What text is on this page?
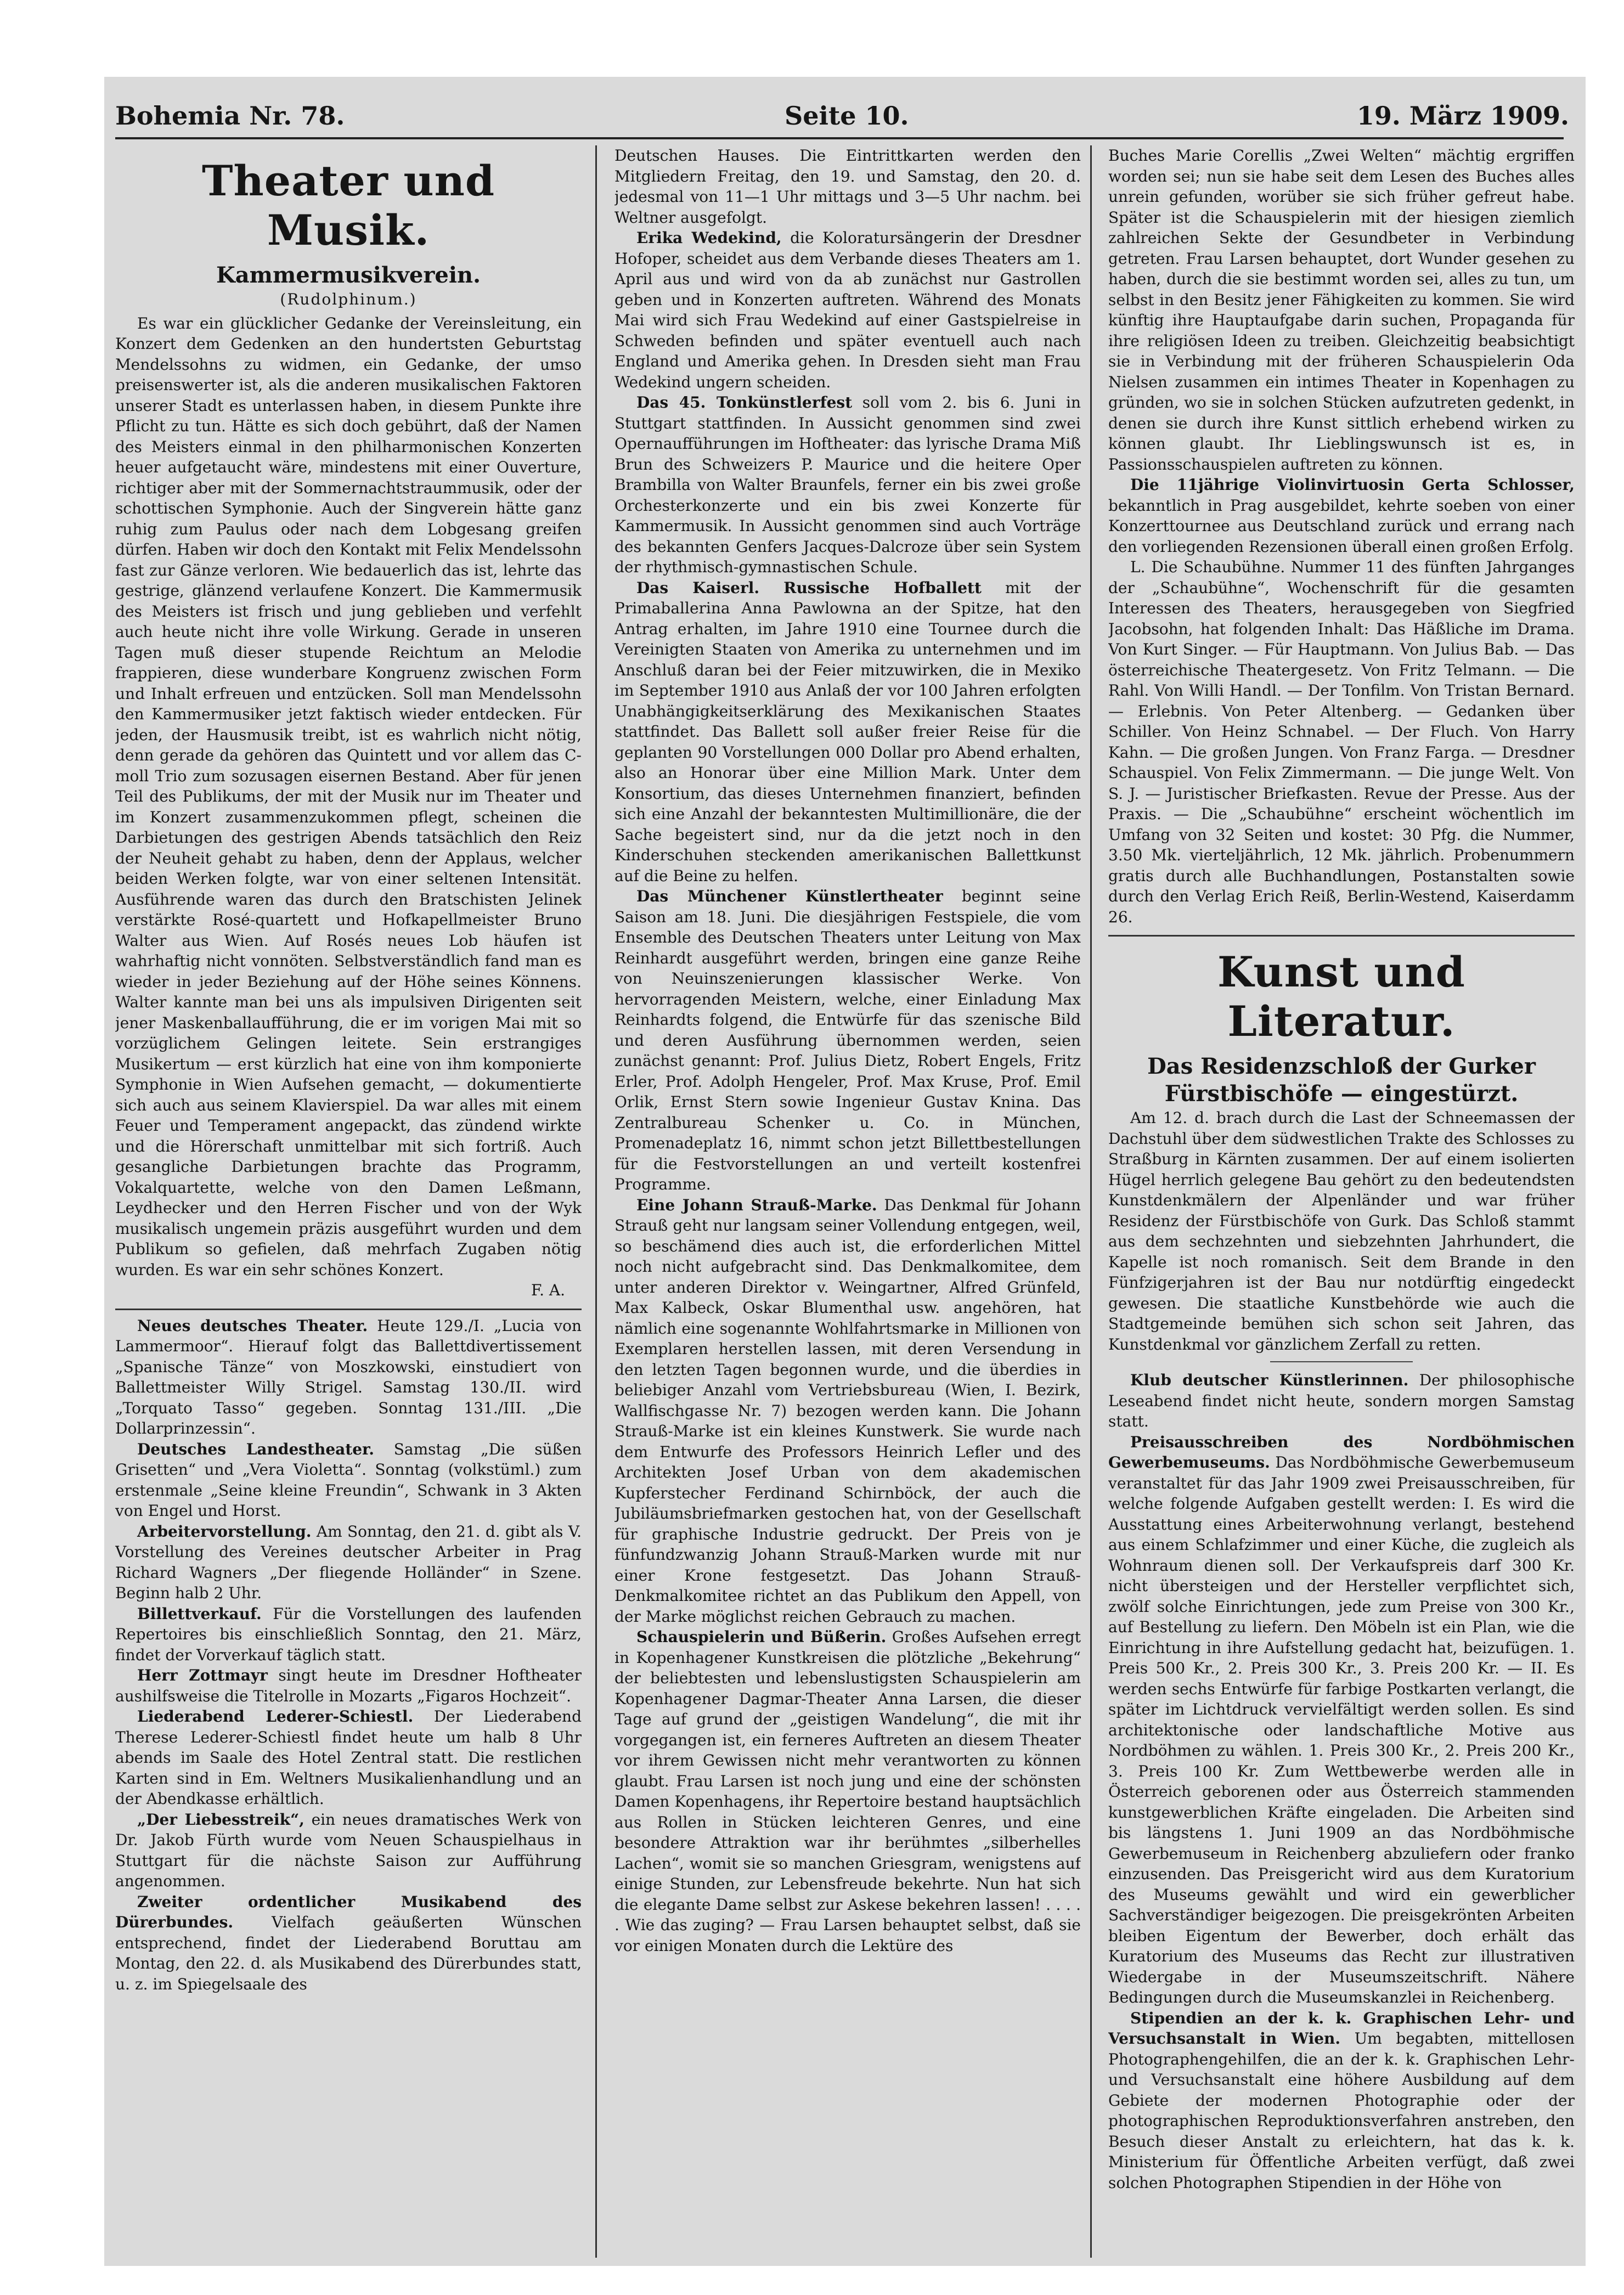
Bohemia Nr. 78.	Seite 10.	19. März 1909.
Theater und Musik.
Kammermusikverein.
(Rudolphinum.)

Es war ein glücklicher Gedanke der Vereinsleitung, ein Konzert dem Gedenken an den hundertsten Geburtstag Mendelssohns zu widmen, ein Gedanke, der umso preisenswerter ist, als die anderen musikalischen Faktoren unserer Stadt es unterlassen haben, in diesem Punkte ihre Pflicht zu tun. Hätte es sich doch gebührt, daß der Namen des Meisters einmal in den philharmonischen Konzerten heuer aufgetaucht wäre, mindestens mit einer Ouverture, richtiger aber mit der Sommernachtstraummusik, oder der schottischen Symphonie. Auch der Singverein hätte ganz ruhig zum Paulus oder nach dem Lobgesang greifen dürfen. Haben wir doch den Kontakt mit Felix Mendelssohn fast zur Gänze verloren. Wie bedauerlich das ist, lehrte das gestrige, glänzend verlaufene Konzert. Die Kammermusik des Meisters ist frisch und jung geblieben und verfehlt auch heute nicht ihre volle Wirkung. Gerade in unseren Tagen muß dieser stupende Reichtum an Melodie frappieren, diese wunderbare Kongruenz zwischen Form und Inhalt erfreuen und entzücken. Soll man Mendelssohn den Kammermusiker jetzt faktisch wieder entdecken. Für jeden, der Hausmusik treibt, ist es wahrlich nicht nötig, denn gerade da gehören das Quintett und vor allem das C-moll Trio zum sozusagen eisernen Bestand. Aber für jenen Teil des Publikums, der mit der Musik nur im Theater und im Konzert zusammenzukommen pflegt, scheinen die Darbietungen des gestrigen Abends tatsächlich den Reiz der Neuheit gehabt zu haben, denn der Applaus, welcher beiden Werken folgte, war von einer seltenen Intensität. Ausführende waren das durch den Bratschisten Jelinek verstärkte Rosé-quartett und Hofkapellmeister Bruno Walter aus Wien. Auf Rosés neues Lob häufen ist wahrhaftig nicht vonnöten. Selbstverständlich fand man es wieder in jeder Beziehung auf der Höhe seines Könnens. Walter kannte man bei uns als impulsiven Dirigenten seit jener Maskenballaufführung, die er im vorigen Mai mit so vorzüglichem Gelingen leitete. Sein erstrangiges Musikertum — erst kürzlich hat eine von ihm komponierte Symphonie in Wien Aufsehen gemacht, — dokumentierte sich auch aus seinem Klavierspiel. Da war alles mit einem Feuer und Temperament angepackt, das zündend wirkte und die Hörerschaft unmittelbar mit sich fortriß. Auch gesangliche Darbietungen brachte das Programm, Vokalquartette, welche von den Damen Leßmann, Leydhecker und den Herren Fischer und von der Wyk musikalisch ungemein präzis ausgeführt wurden und dem Publikum so gefielen, daß mehrfach Zugaben nötig wurden. Es war ein sehr schönes Konzert.

F. A.

Neues deutsches Theater. Heute 129./I. „Lucia von Lammermoor“. Hierauf folgt das Ballettdivertissement „Spanische Tänze“ von Moszkowski, einstudiert von Ballettmeister Willy Strigel. Samstag 130./II. wird „Torquato Tasso“ gegeben. Sonntag 131./III. „Die Dollarprinzessin“.

Deutsches Landestheater. Samstag „Die süßen Grisetten“ und „Vera Violetta“. Sonntag (volkstüml.) zum erstenmale „Seine kleine Freundin“, Schwank in 3 Akten von Engel und Horst.

Arbeitervorstellung. Am Sonntag, den 21. d. gibt als V. Vorstellung des Vereines deutscher Arbeiter in Prag Richard Wagners „Der fliegende Holländer“ in Szene. Beginn halb 2 Uhr.

Billettverkauf. Für die Vorstellungen des laufenden Repertoires bis einschließlich Sonntag, den 21. März, findet der Vorverkauf täglich statt.

Herr Zottmayr singt heute im Dresdner Hoftheater aushilfsweise die Titelrolle in Mozarts „Figaros Hochzeit“.

Liederabend Lederer-Schiestl. Der Liederabend Therese Lederer-Schiestl findet heute um halb 8 Uhr abends im Saale des Hotel Zentral statt. Die restlichen Karten sind in Em. Weltners Musikalienhandlung und an der Abendkasse erhältlich.

„Der Liebesstreik“, ein neues dramatisches Werk von Dr. Jakob Fürth wurde vom Neuen Schauspielhaus in Stuttgart für die nächste Saison zur Aufführung angenommen.

Zweiter ordentlicher Musikabend des Dürerbundes. Vielfach geäußerten Wünschen entsprechend, findet der Liederabend Boruttau am Montag, den 22. d. als Musikabend des Dürerbundes statt, u. z. im Spiegelsaale des

Deutschen Hauses. Die Eintrittkarten werden den Mitgliedern Freitag, den 19. und Samstag, den 20. d. jedesmal von 11—1 Uhr mittags und 3—5 Uhr nachm. bei Weltner ausgefolgt.

Erika Wedekind, die Koloratursängerin der Dresdner Hofoper, scheidet aus dem Verbande dieses Theaters am 1. April aus und wird von da ab zunächst nur Gastrollen geben und in Konzerten auftreten. Während des Monats Mai wird sich Frau Wedekind auf einer Gastspielreise in Schweden befinden und später eventuell auch nach England und Amerika gehen. In Dresden sieht man Frau Wedekind ungern scheiden.

Das 45. Tonkünstlerfest soll vom 2. bis 6. Juni in Stuttgart stattfinden. In Aussicht genommen sind zwei Opernaufführungen im Hoftheater: das lyrische Drama Miß Brun des Schweizers P. Maurice und die heitere Oper Brambilla von Walter Braunfels, ferner ein bis zwei große Orchesterkonzerte und ein bis zwei Konzerte für Kammermusik. In Aussicht genommen sind auch Vorträge des bekannten Genfers Jacques-Dalcroze über sein System der rhythmisch-gymnastischen Schule.

Das Kaiserl. Russische Hofballett mit der Primaballerina Anna Pawlowna an der Spitze, hat den Antrag erhalten, im Jahre 1910 eine Tournee durch die Vereinigten Staaten von Amerika zu unternehmen und im Anschluß daran bei der Feier mitzuwirken, die in Mexiko im September 1910 aus Anlaß der vor 100 Jahren erfolgten Unabhängigkeitserklärung des Mexikanischen Staates stattfindet. Das Ballett soll außer freier Reise für die geplanten 90 Vorstellungen 000 Dollar pro Abend erhalten, also an Honorar über eine Million Mark. Unter dem Konsortium, das dieses Unternehmen finanziert, befinden sich eine Anzahl der bekanntesten Multimillionäre, die der Sache begeistert sind, nur da die jetzt noch in den Kinderschuhen steckenden amerikanischen Ballettkunst auf die Beine zu helfen.

Das Münchener Künstlertheater beginnt seine Saison am 18. Juni. Die diesjährigen Festspiele, die vom Ensemble des Deutschen Theaters unter Leitung von Max Reinhardt ausgeführt werden, bringen eine ganze Reihe von Neuinszenierungen klassischer Werke. Von hervorragenden Meistern, welche, einer Einladung Max Reinhardts folgend, die Entwürfe für das szenische Bild und deren Ausführung übernommen werden, seien zunächst genannt: Prof. Julius Dietz, Robert Engels, Fritz Erler, Prof. Adolph Hengeler, Prof. Max Kruse, Prof. Emil Orlik, Ernst Stern sowie Ingenieur Gustav Knina. Das Zentralbureau Schenker u. Co. in München, Promenadeplatz 16, nimmt schon jetzt Billettbestellungen für die Festvorstellungen an und verteilt kostenfrei Programme.

Eine Johann Strauß-Marke. Das Denkmal für Johann Strauß geht nur langsam seiner Vollendung entgegen, weil, so beschämend dies auch ist, die erforderlichen Mittel noch nicht aufgebracht sind. Das Denkmalkomitee, dem unter anderen Direktor v. Weingartner, Alfred Grünfeld, Max Kalbeck, Oskar Blumenthal usw. angehören, hat nämlich eine sogenannte Wohlfahrtsmarke in Millionen von Exemplaren herstellen lassen, mit deren Versendung in den letzten Tagen begonnen wurde, und die überdies in beliebiger Anzahl vom Vertriebsbureau (Wien, I. Bezirk, Wallfischgasse Nr. 7) bezogen werden kann. Die Johann Strauß-Marke ist ein kleines Kunstwerk. Sie wurde nach dem Entwurfe des Professors Heinrich Lefler und des Architekten Josef Urban von dem akademischen Kupferstecher Ferdinand Schirnböck, der auch die Jubiläumsbriefmarken gestochen hat, von der Gesellschaft für graphische Industrie gedruckt. Der Preis von je fünfundzwanzig Johann Strauß-Marken wurde mit nur einer Krone festgesetzt. Das Johann Strauß-Denkmalkomitee richtet an das Publikum den Appell, von der Marke möglichst reichen Gebrauch zu machen.

Schauspielerin und Büßerin. Großes Aufsehen erregt in Kopenhagener Kunstkreisen die plötzliche „Bekehrung“ der beliebtesten und lebenslustigsten Schauspielerin am Kopenhagener Dagmar-Theater Anna Larsen, die dieser Tage auf grund der „geistigen Wandelung“, die mit ihr vorgegangen ist, ein ferneres Auftreten an diesem Theater vor ihrem Gewissen nicht mehr verantworten zu können glaubt. Frau Larsen ist noch jung und eine der schönsten Damen Kopenhagens, ihr Repertoire bestand hauptsächlich aus Rollen in Stücken leichteren Genres, und eine besondere Attraktion war ihr berühmtes „silberhelles Lachen“, womit sie so manchen Griesgram, wenigstens auf einige Stunden, zur Lebensfreude bekehrte. Nun hat sich die elegante Dame selbst zur Askese bekehren lassen! . . . . . Wie das zuging? — Frau Larsen behauptet selbst, daß sie vor einigen Monaten durch die Lektüre des

Buches Marie Corellis „Zwei Welten“ mächtig ergriffen worden sei; nun sie habe seit dem Lesen des Buches alles unrein gefunden, worüber sie sich früher gefreut habe. Später ist die Schauspielerin mit der hiesigen ziemlich zahlreichen Sekte der Gesundbeter in Verbindung getreten. Frau Larsen behauptet, dort Wunder gesehen zu haben, durch die sie bestimmt worden sei, alles zu tun, um selbst in den Besitz jener Fähigkeiten zu kommen. Sie wird künftig ihre Hauptaufgabe darin suchen, Propaganda für ihre religiösen Ideen zu treiben. Gleichzeitig beabsichtigt sie in Verbindung mit der früheren Schauspielerin Oda Nielsen zusammen ein intimes Theater in Kopenhagen zu gründen, wo sie in solchen Stücken aufzutreten gedenkt, in denen sie durch ihre Kunst sittlich erhebend wirken zu können glaubt. Ihr Lieblingswunsch ist es, in Passionsschauspielen auftreten zu können.

Die 11jährige Violinvirtuosin Gerta Schlosser, bekanntlich in Prag ausgebildet, kehrte soeben von einer Konzerttournee aus Deutschland zurück und errang nach den vorliegenden Rezensionen überall einen großen Erfolg.

L. Die Schaubühne. Nummer 11 des fünften Jahrganges der „Schaubühne“, Wochenschrift für die gesamten Interessen des Theaters, herausgegeben von Siegfried Jacobsohn, hat folgenden Inhalt: Das Häßliche im Drama. Von Kurt Singer. — Für Hauptmann. Von Julius Bab. — Das österreichische Theatergesetz. Von Fritz Telmann. — Die Rahl. Von Willi Handl. — Der Tonfilm. Von Tristan Bernard. — Erlebnis. Von Peter Altenberg. — Gedanken über Schiller. Von Heinz Schnabel. — Der Fluch. Von Harry Kahn. — Die großen Jungen. Von Franz Farga. — Dresdner Schauspiel. Von Felix Zimmermann. — Die junge Welt. Von S. J. — Juristischer Briefkasten. Revue der Presse. Aus der Praxis. — Die „Schaubühne“ erscheint wöchentlich im Umfang von 32 Seiten und kostet: 30 Pfg. die Nummer, 3.50 Mk. vierteljährlich, 12 Mk. jährlich. Probenummern gratis durch alle Buchhandlungen, Postanstalten sowie durch den Verlag Erich Reiß, Berlin-Westend, Kaiserdamm 26.

Kunst und Literatur.
Das Residenzschloß der Gurker Fürstbischöfe — eingestürzt.

Am 12. d. brach durch die Last der Schneemassen der Dachstuhl über dem südwestlichen Trakte des Schlosses zu Straßburg in Kärnten zusammen. Der auf einem isolierten Hügel herrlich gelegene Bau gehört zu den bedeutendsten Kunstdenkmälern der Alpenländer und war früher Residenz der Fürstbischöfe von Gurk. Das Schloß stammt aus dem sechzehnten und siebzehnten Jahrhundert, die Kapelle ist noch romanisch. Seit dem Brande in den Fünfzigerjahren ist der Bau nur notdürftig eingedeckt gewesen. Die staatliche Kunstbehörde wie auch die Stadtgemeinde bemühen sich schon seit Jahren, das Kunstdenkmal vor gänzlichem Zerfall zu retten.

Klub deutscher Künstlerinnen. Der philosophische Leseabend findet nicht heute, sondern morgen Samstag statt.

Preisausschreiben des Nordböhmischen Gewerbemuseums. Das Nordböhmische Gewerbemuseum veranstaltet für das Jahr 1909 zwei Preisausschreiben, für welche folgende Aufgaben gestellt werden: I. Es wird die Ausstattung eines Arbeiterwohnung verlangt, bestehend aus einem Schlafzimmer und einer Küche, die zugleich als Wohnraum dienen soll. Der Verkaufspreis darf 300 Kr. nicht übersteigen und der Hersteller verpflichtet sich, zwölf solche Einrichtungen, jede zum Preise von 300 Kr., auf Bestellung zu liefern. Den Möbeln ist ein Plan, wie die Einrichtung in ihre Aufstellung gedacht hat, beizufügen. 1. Preis 500 Kr., 2. Preis 300 Kr., 3. Preis 200 Kr. — II. Es werden sechs Entwürfe für farbige Postkarten verlangt, die später im Lichtdruck vervielfältigt werden sollen. Es sind architektonische oder landschaftliche Motive aus Nordböhmen zu wählen. 1. Preis 300 Kr., 2. Preis 200 Kr., 3. Preis 100 Kr. Zum Wettbewerbe werden alle in Österreich geborenen oder aus Österreich stammenden kunstgewerblichen Kräfte eingeladen. Die Arbeiten sind bis längstens 1. Juni 1909 an das Nordböhmische Gewerbemuseum in Reichenberg abzuliefern oder franko einzusenden. Das Preisgericht wird aus dem Kuratorium des Museums gewählt und wird ein gewerblicher Sachverständiger beigezogen. Die preisgekrönten Arbeiten bleiben Eigentum der Bewerber, doch erhält das Kuratorium des Museums das Recht zur illustrativen Wiedergabe in der Museumszeitschrift. Nähere Bedingungen durch die Museumskanzlei in Reichenberg.

Stipendien an der k. k. Graphischen Lehr- und Versuchsanstalt in Wien. Um begabten, mittellosen Photographengehilfen, die an der k. k. Graphischen Lehr- und Versuchsanstalt eine höhere Ausbildung auf dem Gebiete der modernen Photographie oder der photographischen Reproduktionsverfahren anstreben, den Besuch dieser Anstalt zu erleichtern, hat das k. k. Ministerium für Öffentliche Arbeiten verfügt, daß zwei solchen Photographen Stipendien in der Höhe von
